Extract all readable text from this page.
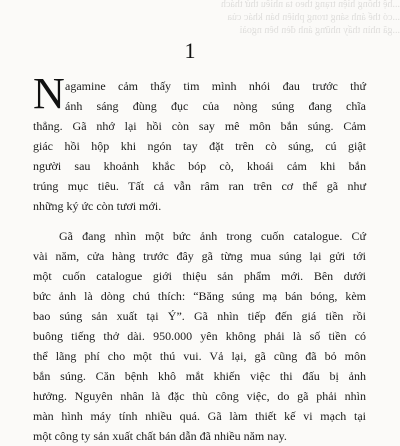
...hệ thống hiện trạng theo ta nhiều thử thách
...có thể ánh sáng trong phiên bản khác của
...gã nhìn thấy những ánh đèn bên ngoài
1
N agamine cảm thấy tim mình nhói đau trước thứ
ánh sáng đùng đục của nòng súng đang chĩa
thẳng. Gã nhớ lại hồi còn say mê môn bắn súng. Cảm
giác hồi hộp khi ngón tay đặt trên cò súng, cú giật
người sau khoảnh khắc bóp cò, khoái cảm khi bắn
trúng mục tiêu. Tất cả vẫn râm ran trên cơ thể gã như
những ký ức còn tươi mới.
Gã đang nhìn một bức ảnh trong cuốn catalogue. Cứ
vài năm, cửa hàng trước đây gã từng mua súng lại gửi tới
một cuốn catalogue giới thiệu sản phẩm mới. Bên dưới
bức ảnh là dòng chú thích: “Băng súng mạ bán bóng, kèm
bao súng sản xuất tại Ý”. Gã nhìn tiếp đến giá tiền rồi
buông tiếng thở dài. 950.000 yên không phải là số tiền có
thể lãng phí cho một thú vui. Vả lại, gã cũng đã bỏ môn
bắn súng. Căn bệnh khô mắt khiến việc thi đấu bị ảnh
hưởng. Nguyên nhân là đặc thù công việc, do gã phải nhìn
màn hình máy tính nhiều quá. Gã làm thiết kế vi mạch tại
một công ty sản xuất chất bán dẫn đã nhiều năm nay.
